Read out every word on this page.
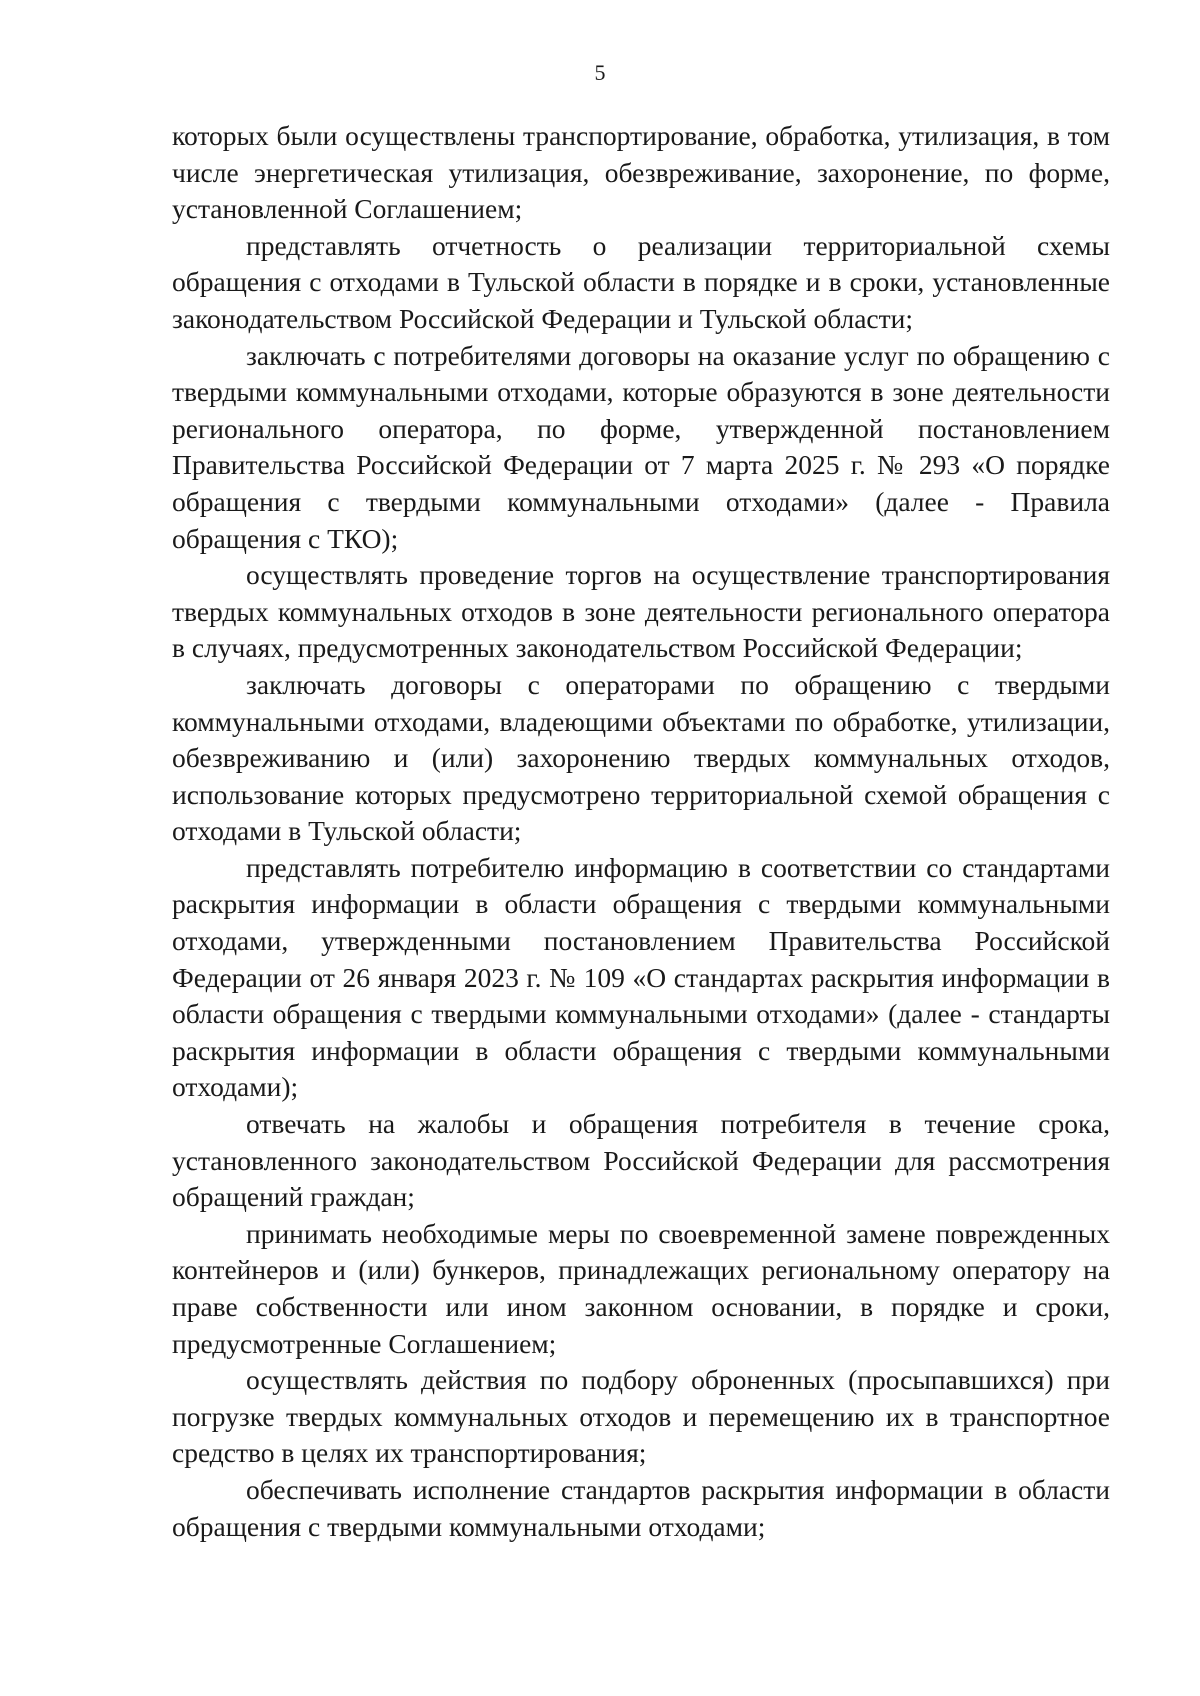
5

которых были осуществлены транспортирование, обработка, утилизация, в том числе энергетическая утилизация, обезвреживание, захоронение, по форме, установленной Соглашением;

представлять отчетность о реализации территориальной схемы обращения с отходами в Тульской области в порядке и в сроки, установленные законодательством Российской Федерации и Тульской области;

заключать с потребителями договоры на оказание услуг по обращению с твердыми коммунальными отходами, которые образуются в зоне деятельности регионального оператора, по форме, утвержденной постановлением Правительства Российской Федерации от 7 марта 2025 г. № 293 «О порядке обращения с твердыми коммунальными отходами» (далее - Правила обращения с ТКО);

осуществлять проведение торгов на осуществление транспортирования твердых коммунальных отходов в зоне деятельности регионального оператора в случаях, предусмотренных законодательством Российской Федерации;

заключать договоры с операторами по обращению с твердыми коммунальными отходами, владеющими объектами по обработке, утилизации, обезвреживанию и (или) захоронению твердых коммунальных отходов, использование которых предусмотрено территориальной схемой обращения с отходами в Тульской области;

представлять потребителю информацию в соответствии со стандартами раскрытия информации в области обращения с твердыми коммунальными отходами, утвержденными постановлением Правительства Российской Федерации от 26 января 2023 г. № 109 «О стандартах раскрытия информации в области обращения с твердыми коммунальными отходами» (далее - стандарты раскрытия информации в области обращения с твердыми коммунальными отходами);

отвечать на жалобы и обращения потребителя в течение срока, установленного законодательством Российской Федерации для рассмотрения обращений граждан;

принимать необходимые меры по своевременной замене поврежденных контейнеров и (или) бункеров, принадлежащих региональному оператору на праве собственности или ином законном основании, в порядке и сроки, предусмотренные Соглашением;

осуществлять действия по подбору оброненных (просыпавшихся) при погрузке твердых коммунальных отходов и перемещению их в транспортное средство в целях их транспортирования;

обеспечивать исполнение стандартов раскрытия информации в области обращения с твердыми коммунальными отходами;
